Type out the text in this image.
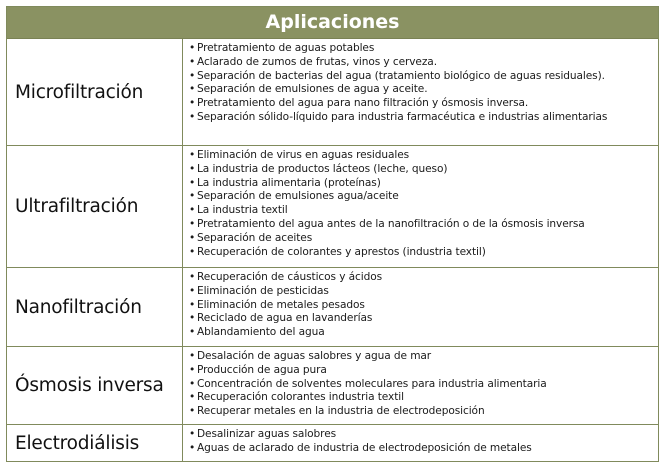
Aplicaciones
Microfiltración
• Pretratamiento de aguas potables
• Aclarado de zumos de frutas, vinos y cerveza.
• Separación de bacterias del agua (tratamiento biológico de aguas residuales).
• Separación de emulsiones de agua y aceite.
• Pretratamiento del agua para nano filtración y ósmosis inversa.
• Separación sólido-líquido para industria farmacéutica e industrias alimentarias
Ultrafiltración
• Eliminación de virus en aguas residuales
• La industria de productos lácteos (leche, queso)
• La industria alimentaria (proteínas)
• Separación de emulsiones agua/aceite
• La industria textil
• Pretratamiento del agua antes de la nanofiltración o de la ósmosis inversa
• Separación de aceites
• Recuperación de colorantes y aprestos (industria textil)
Nanofiltración
• Recuperación de cáusticos y ácidos
• Eliminación de pesticidas
• Eliminación de metales pesados
• Reciclado de agua en lavanderías
• Ablandamiento del agua
Ósmosis inversa
• Desalación de aguas salobres y agua de mar
• Producción de agua pura
• Concentración de solventes moleculares para industria alimentaria
• Recuperación colorantes industria textil
• Recuperar metales en la industria de electrodeposición
Electrodiálisis	• Desalinizar aguas salobres
• Aguas de aclarado de industria de electrodeposición de metales
